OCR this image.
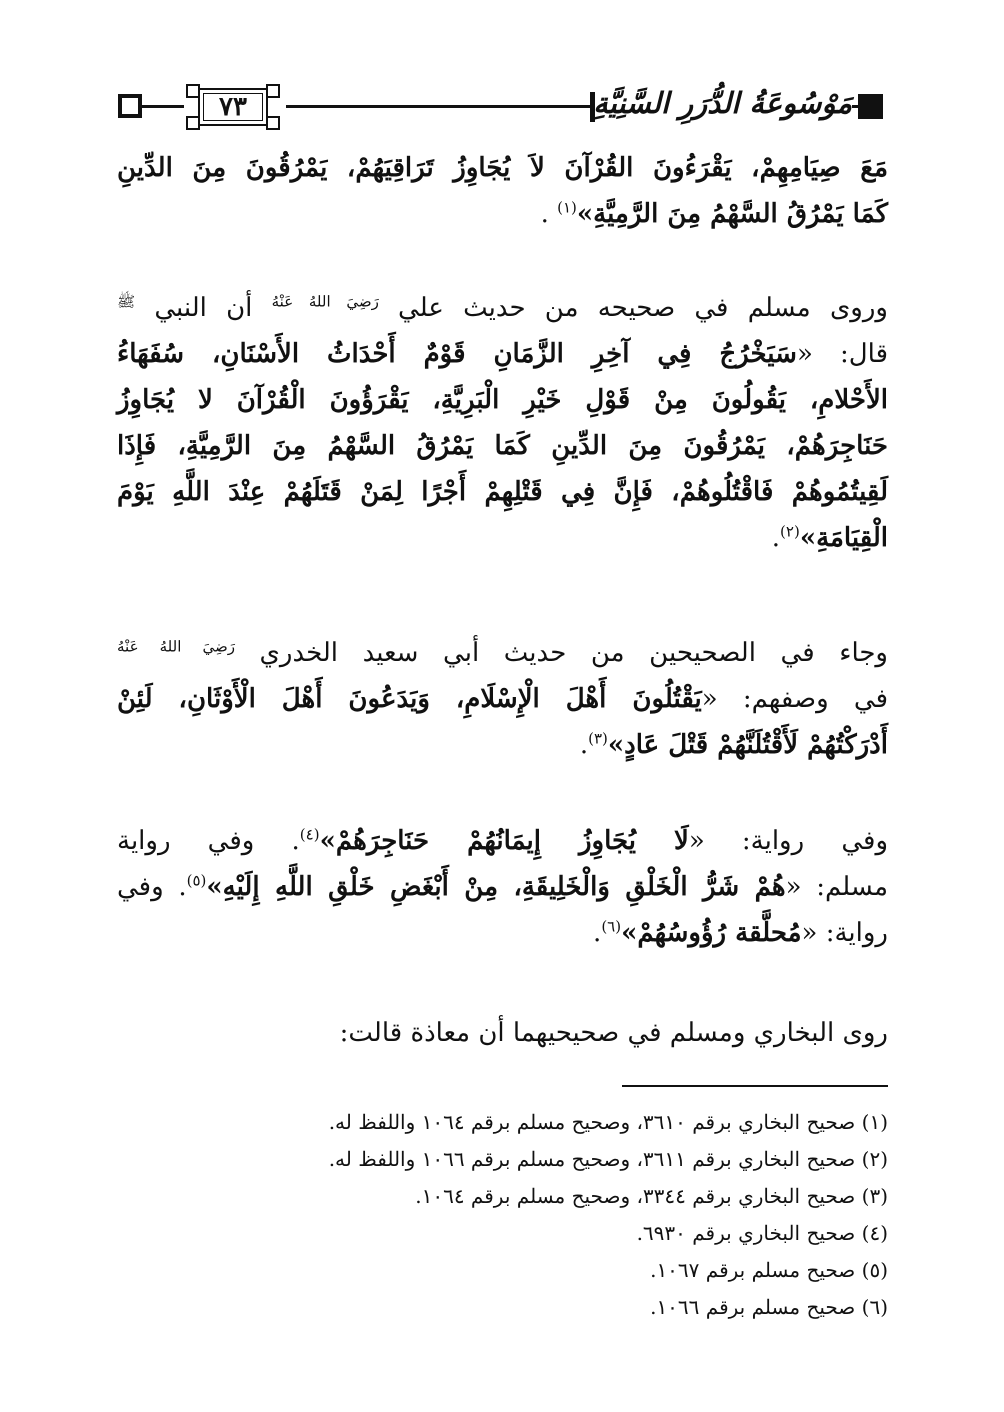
٧٣	مَوْسُوعَةُ الدُّرَرِ السَّنِيَّةِ
مَعَ صِيَامِهِمْ، يَقْرَءُونَ القُرْآنَ لاَ يُجَاوِزُ تَرَاقِيَهُمْ، يَمْرُقُونَ مِنَ الدِّينِ
كَمَا يَمْرُقُ السَّهْمُ مِنَ الرَّمِيَّةِ»$^{(١)}$ .
وروى مسلم في صحيحه من حديث علي $^{رَضِيَ اللهُ عَنْهُ}$ أن النبي $^ﷺ$
قال: «سَيَخْرُجُ فِي آخِرِ الزَّمَانِ قَوْمٌ أَحْدَاثُ الأَسْنَانِ، سُفَهَاءُ
الأَحْلامِ، يَقُولُونَ مِنْ قَوْلِ خَيْرِ الْبَرِيَّةِ، يَقْرَؤُونَ الْقُرْآنَ لا يُجَاوِزُ
حَنَاجِرَهُمْ، يَمْرُقُونَ مِنَ الدِّينِ كَمَا يَمْرُقُ السَّهْمُ مِنَ الرَّمِيَّةِ، فَإِذَا
لَقِيتُمُوهُمْ فَاقْتُلُوهُمْ، فَإِنَّ فِي قَتْلِهِمْ أَجْرًا لِمَنْ قَتَلَهُمْ عِنْدَ اللَّهِ يَوْمَ
الْقِيَامَةِ»$^{(٢)}$.
وجاء في الصحيحين من حديث أبي سعيد الخدري $^{رَضِيَ اللهُ عَنْهُ}$
في وصفهم: «يَقْتُلُونَ أَهْلَ الْإِسْلَامِ، وَيَدَعُونَ أَهْلَ الْأَوْثَانِ، لَئِنْ
أَدْرَكْتُهُمْ لَأَقْتُلَنَّهُمْ قَتْلَ عَادٍ»$^{(٣)}$.
وفي رواية: «لَا يُجَاوِزُ إِيمَانُهُمْ حَنَاجِرَهُمْ»$^{(٤)}$. وفي رواية
مسلم: «هُمْ شَرُّ الْخَلْقِ وَالْخَلِيقَةِ، مِنْ أَبْغَضِ خَلْقِ اللَّهِ إِلَيْهِ»$^{(٥)}$. وفي
رواية: «مُحلَّقة رُؤُوسُهُمْ»$^{(٦)}$.
روى البخاري ومسلم في صحيحيهما أن معاذة قالت:
(١) صحيح البخاري برقم ٣٦١٠، وصحيح مسلم برقم ١٠٦٤ واللفظ له.
(٢) صحيح البخاري برقم ٣٦١١، وصحيح مسلم برقم ١٠٦٦ واللفظ له.
(٣) صحيح البخاري برقم ٣٣٤٤، وصحيح مسلم برقم ١٠٦٤.
(٤) صحيح البخاري برقم ٦٩٣٠.
(٥) صحيح مسلم برقم ١٠٦٧.
(٦) صحيح مسلم برقم ١٠٦٦.
